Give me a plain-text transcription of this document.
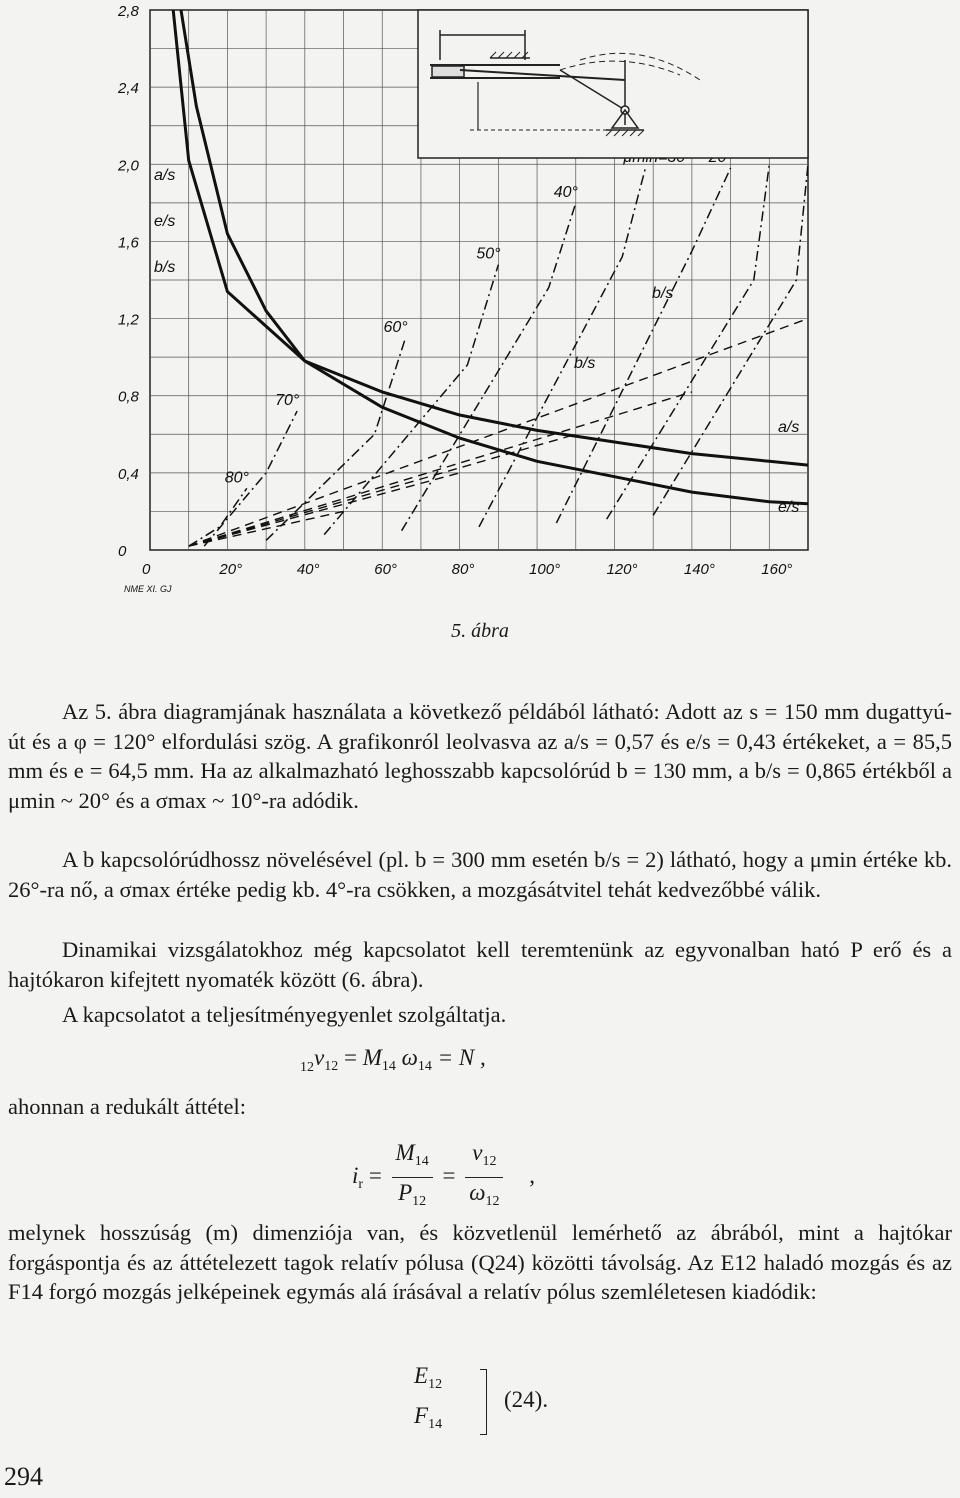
0	20°	40°	60°	80°	100°	120°	140°	160°
0
0,4
0,8
1,2
1,6
2,0
2,4
2,8
NME XI. GJ
a/s
e/s
b/s
80°
70°
60°
50°
40°
a/s
e/s
b/s
b/s
5. ábra
Az 5. ábra diagramjának használata a következő példából látható: Adott az s = 150 mm dugattyú-út és a φ = 120° elfordulási szög. A grafikonról leolvasva az a/s = 0,57 és e/s = 0,43 értékeket, a = 85,5 mm és e = 64,5 mm. Ha az alkalmazható leghosszabb kapcsolórúd b = 130 mm, a b/s = 0,865 értékből a μmin ~ 20° és a σmax ~ 10°-ra adódik.
A b kapcsolórúdhossz növelésével (pl. b = 300 mm esetén b/s = 2) látható, hogy a μmin értéke kb. 26°-ra nő, a σmax értéke pedig kb. 4°-ra csökken, a mozgásátvitel tehát kedvezőbbé válik.
Dinamikai vizsgálatokhoz még kapcsolatot kell teremtenünk az egyvonalban ható P erő és a hajtókaron kifejtett nyomaték között (6. ábra).
A kapcsolatot a teljesítményegyenlet szolgáltatja.
$_{12}v_{12} = M_{14}$ $\omega_{14} = N$ ,
ahonnan a redukált áttétel:
$i_r = \frac{M_{14}}{P_{12}} = \frac{v_{12}}{\omega_{12}}$ ,
melynek hosszúság (m) dimenziója van, és közvetlenül lemérhető az ábrából, mint a hajtókar forgáspontja és az áttételezett tagok relatív pólusa (Q24) közötti távolság. Az E12 haladó mozgás és az F14 forgó mozgás jelképeinek egymás alá írásával a relatív pólus szemléletesen kiadódik:
$E_{12}$
$F_{14}$
(24).
294
